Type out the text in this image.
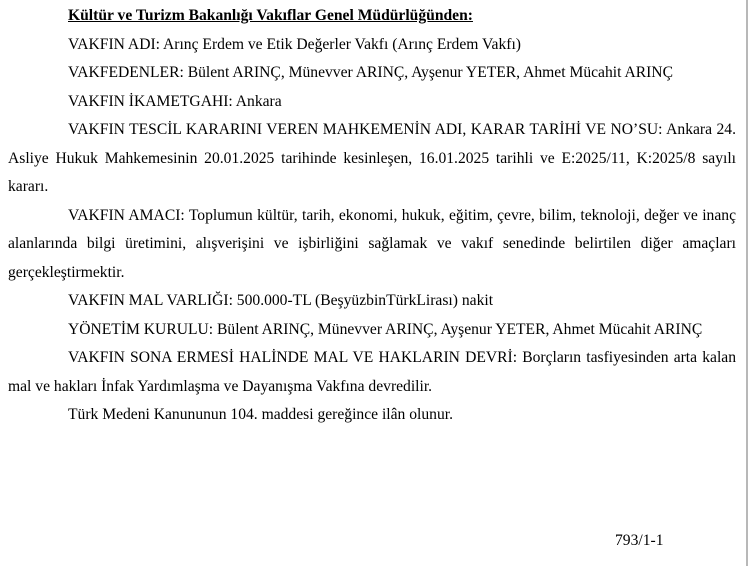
Kültür ve Turizm Bakanlığı Vakıflar Genel Müdürlüğünden:

VAKFIN ADI: Arınç Erdem ve Etik Değerler Vakfı (Arınç Erdem Vakfı)

VAKFEDENLER: Bülent ARINÇ, Münevver ARINÇ, Ayşenur YETER, Ahmet Mücahit ARINÇ

VAKFIN İKAMETGAHI: Ankara

VAKFIN TESCİL KARARINI VEREN MAHKEMENİN ADI, KARAR TARİHİ VE NO’SU: Ankara 24. Asliye Hukuk Mahkemesinin 20.01.2025 tarihinde kesinleşen, 16.01.2025 tarihli ve E:2025/11, K:2025/8 sayılı kararı.

VAKFIN AMACI: Toplumun kültür, tarih, ekonomi, hukuk, eğitim, çevre, bilim, teknoloji, değer ve inanç alanlarında bilgi üretimini, alışverişini ve işbirliğini sağlamak ve vakıf senedinde belirtilen diğer amaçları gerçekleştirmektir.

VAKFIN MAL VARLIĞI: 500.000-TL (BeşyüzbinTürkLirası) nakit

YÖNETİM KURULU: Bülent ARINÇ, Münevver ARINÇ, Ayşenur YETER, Ahmet Mücahit ARINÇ

VAKFIN SONA ERMESİ HALİNDE MAL VE HAKLARIN DEVRİ: Borçların tasfiyesinden arta kalan mal ve hakları İnfak Yardımlaşma ve Dayanışma Vakfına devredilir.

Türk Medeni Kanununun 104. maddesi gereğince ilân olunur.

793/1-1
